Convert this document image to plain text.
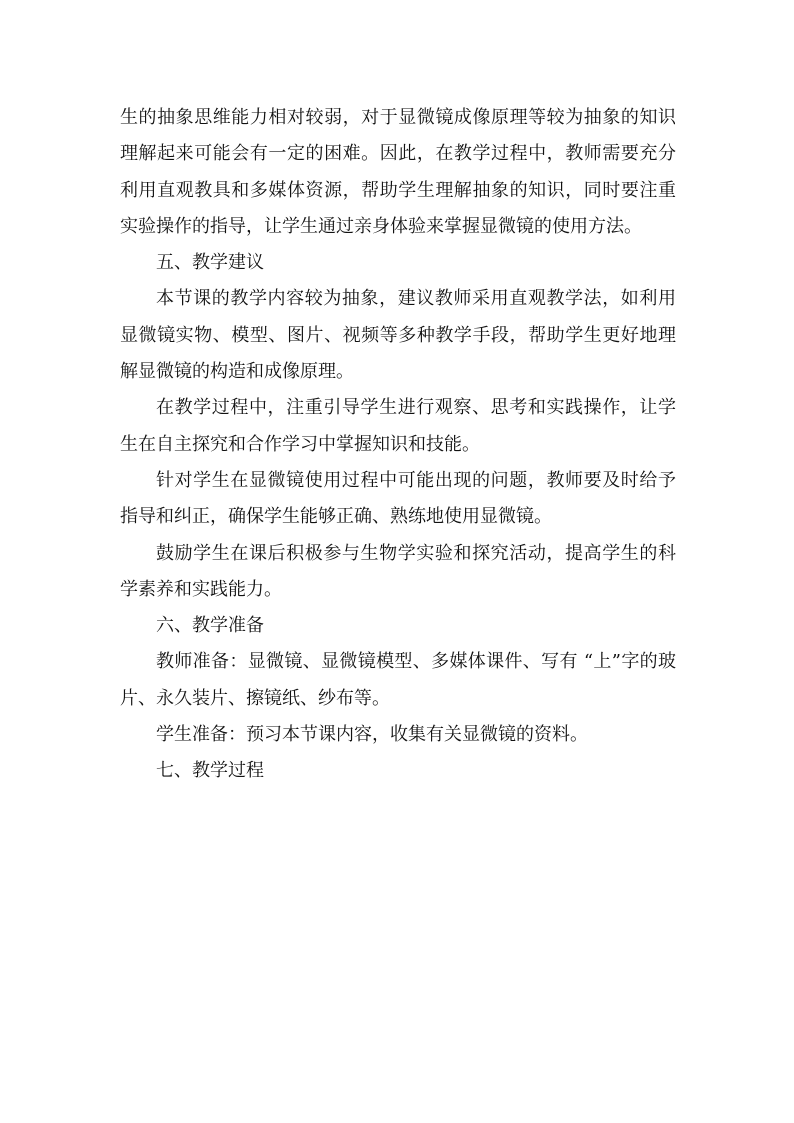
生的抽象思维能力相对较弱，对于显微镜成像原理等较为抽象的知识理解起来可能会有一定的困难。因此，在教学过程中，教师需要充分利用直观教具和多媒体资源，帮助学生理解抽象的知识，同时要注重实验操作的指导，让学生通过亲身体验来掌握显微镜的使用方法。

五、教学建议

本节课的教学内容较为抽象，建议教师采用直观教学法，如利用显微镜实物、模型、图片、视频等多种教学手段，帮助学生更好地理解显微镜的构造和成像原理。

在教学过程中，注重引导学生进行观察、思考和实践操作，让学生在自主探究和合作学习中掌握知识和技能。

针对学生在显微镜使用过程中可能出现的问题，教师要及时给予指导和纠正，确保学生能够正确、熟练地使用显微镜。

鼓励学生在课后积极参与生物学实验和探究活动，提高学生的科学素养和实践能力。

六、教学准备

教师准备：显微镜、显微镜模型、多媒体课件、写有 “上”字的玻片、永久装片、擦镜纸、纱布等。

学生准备：预习本节课内容，收集有关显微镜的资料。

七、教学过程
